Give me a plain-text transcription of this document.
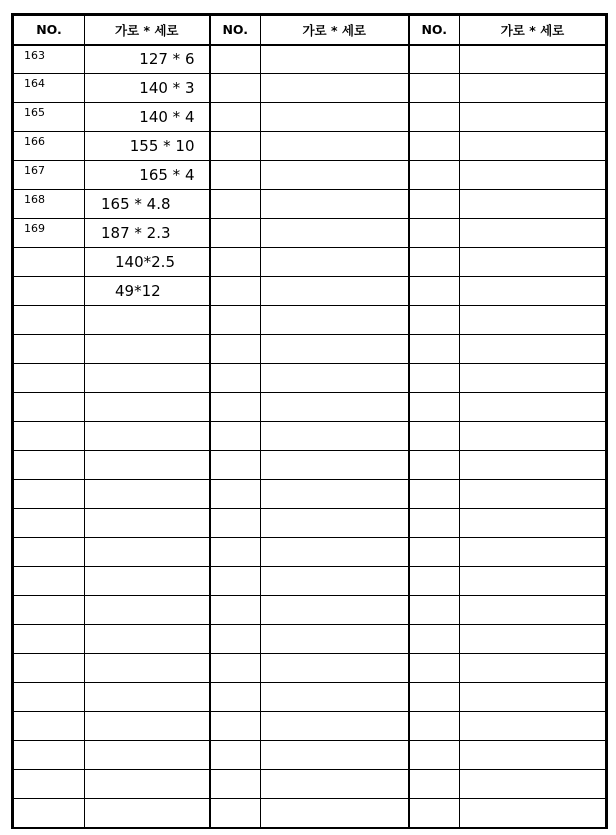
NO.	가로 * 세로	NO.	가로 * 세로	NO.	가로 * 세로
163	127 * 6				
164	140 * 3				
165	140 * 4				
166	155 * 10				
167	165 * 4				
168	165 * 4.8				
169	187 * 2.3				
	140*2.5				
	49*12				
